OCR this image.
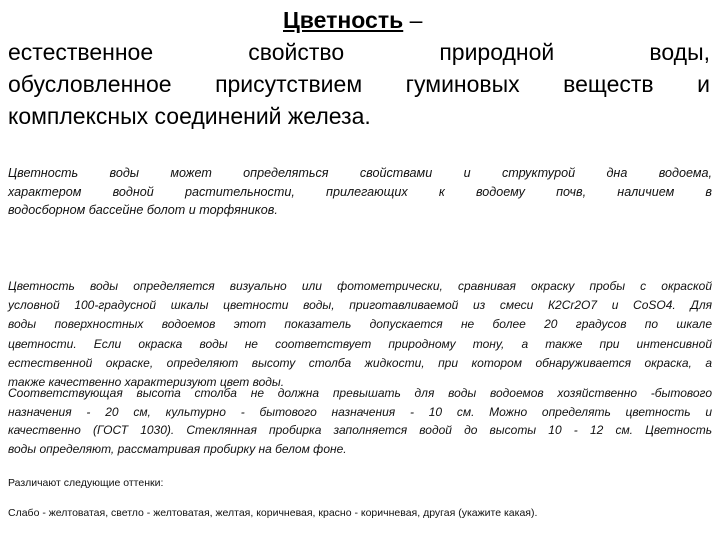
Цветность –
естественное свойство природной воды,
обусловленное присутствием гуминовых веществ и
комплексных соединений железа.
Цветность воды может определяться свойствами и структурой дна водоема,
характером водной растительности, прилегающих к водоему почв, наличием в
водосборном бассейне болот и торфяников.
Цветность воды определяется визуально или фотометрически, сравнивая окраску пробы с окраской
условной 100-градусной шкалы цветности воды, приготавливаемой из смеси К2Cr2O7 и CoSO4. Для
воды поверхностных водоемов этот показатель допускается не более 20 градусов по шкале
цветности. Если окраска воды не соответствует природному тону, а также при интенсивной
естественной окраске, определяют высоту столба жидкости, при котором обнаруживается окраска, а
также качественно характеризуют цвет воды.
Соответствующая высота столба не должна превышать для воды водоемов хозяйственно -бытового
назначения - 20 см, культурно - бытового назначения - 10 см. Можно определять цветность и
качественно (ГОСТ 1030). Стеклянная пробирка заполняется водой до высоты 10 - 12 см. Цветность
воды определяют, рассматривая пробирку на белом фоне.
Различают следующие оттенки:
Слабо - желтоватая, светло - желтоватая, желтая, коричневая, красно - коричневая, другая (укажите какая).
